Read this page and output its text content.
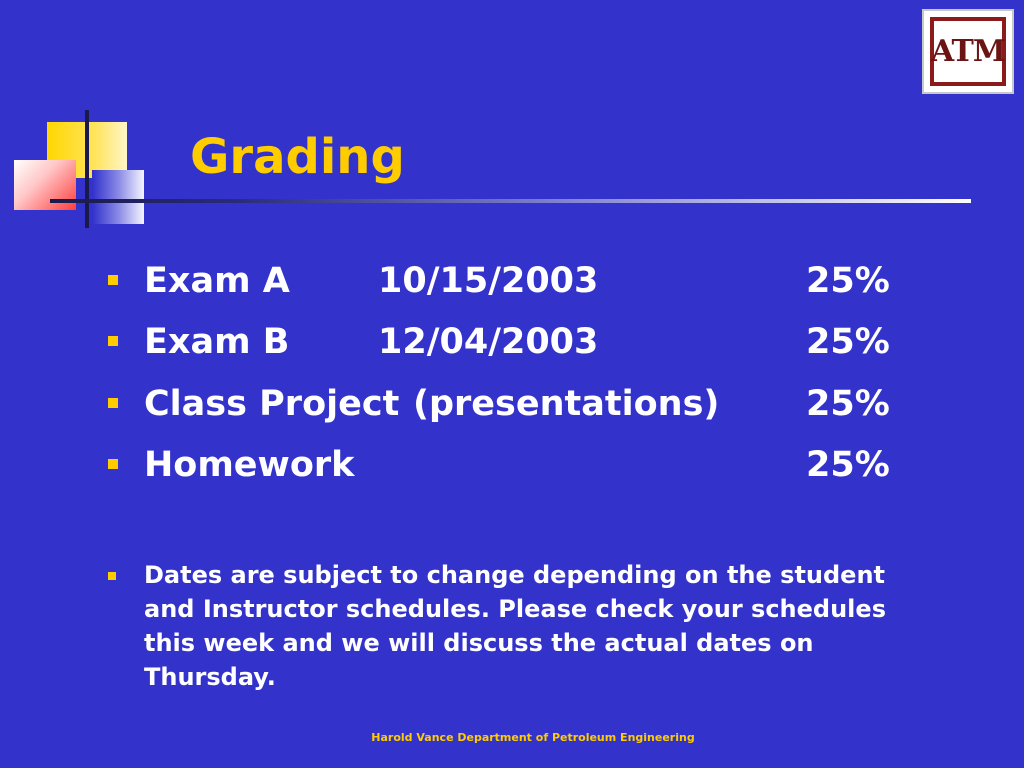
Grading
ATM
Exam A	10/15/2003	25%
Exam B	12/04/2003	25%
Class Project (presentations) 25%
Homework	25%
Dates are subject to change depending on the student and Instructor schedules. Please check your schedules this week and we will discuss the actual dates on Thursday.
Harold Vance Department of Petroleum Engineering
